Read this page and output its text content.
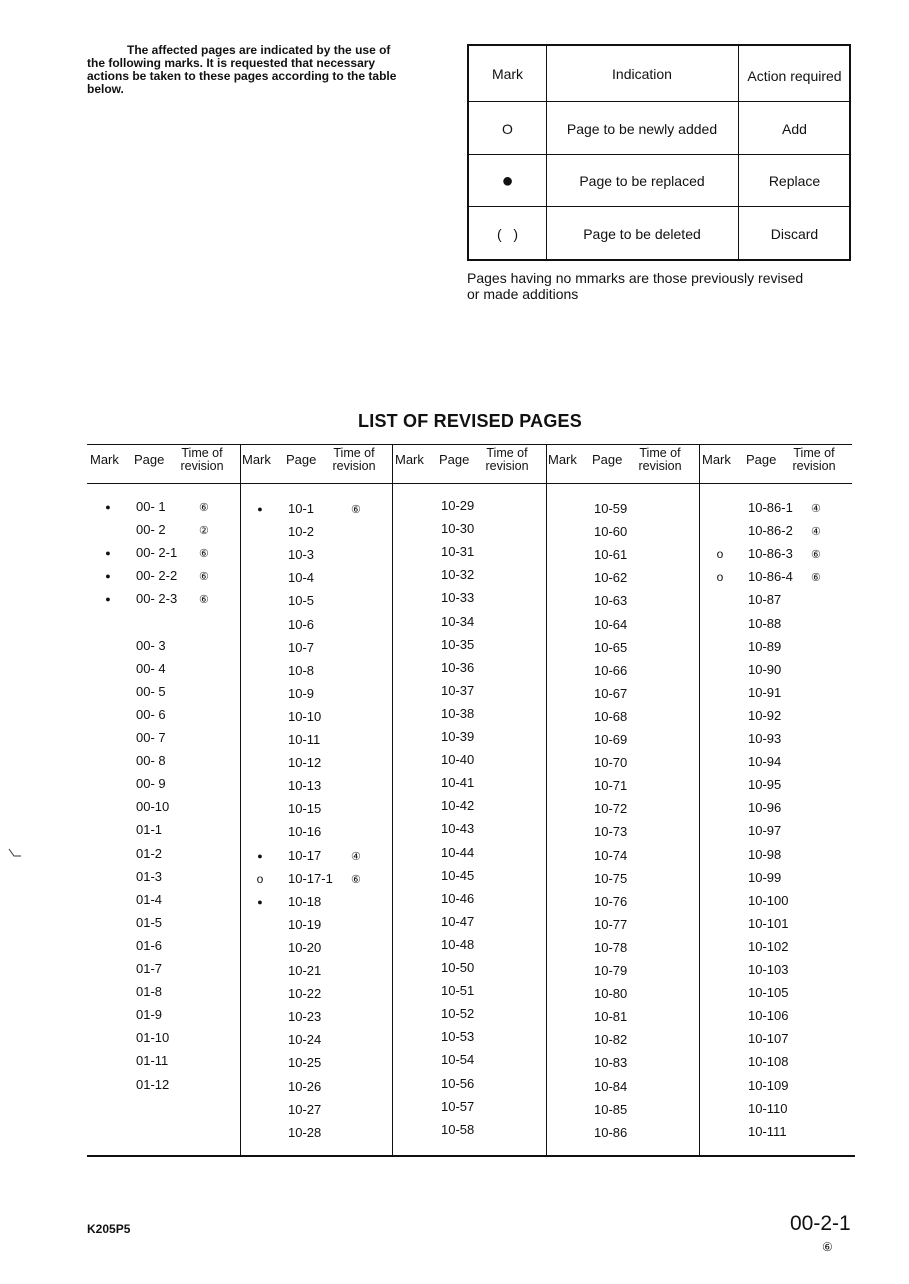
The affected pages are indicated by the use of
the following marks. It is requested that necessary
actions be taken to these pages according to the table
below.
Mark	Indication	Action required
O	Page to be newly added	Add
●	Page to be replaced	Replace
(   )	Page to be deleted	Discard
Pages having no mmarks are those previously revised
or made additions
LIST OF REVISED PAGES
Mark Page	Time of
revision
●	00- 1	⑥
00- 2	②
●	00- 2-1 ⑥
●	00- 2-2 ⑥
●	00- 2-3 ⑥
00- 3
00- 4
00- 5
00- 6
00- 7
00- 8
00- 9
00-10
01-1
01-2
01-3
01-4
01-5
01-6
01-7
01-8
01-9
01-10
01-11
01-12
Mark Page	Time of
revision
●	10-1	⑥
10-2
10-3
10-4
10-5
10-6
10-7
10-8
10-9
10-10
10-11
10-12
10-13
10-15
10-16
●	10-17	④
o 10-17-1 ⑥
●	10-18
10-19
10-20
10-21
10-22
10-23
10-24
10-25
10-26
10-27
10-28
Mark Page	Time of
revision
10-29
10-30
10-31
10-32
10-33
10-34
10-35
10-36
10-37
10-38
10-39
10-40
10-41
10-42
10-43
10-44
10-45
10-46
10-47
10-48
10-50
10-51
10-52
10-53
10-54
10-56
10-57
10-58
Mark Page	Time of
revision
10-59
10-60
10-61
10-62
10-63
10-64
10-65
10-66
10-67
10-68
10-69
10-70
10-71
10-72
10-73
10-74
10-75
10-76
10-77
10-78
10-79
10-80
10-81
10-82
10-83
10-84
10-85
10-86
Mark Page	Time of
revision
10-86-1 ④
10-86-2 ④
o 10-86-3 ⑥
o 10-86-4 ⑥
10-87
10-88
10-89
10-90
10-91
10-92
10-93
10-94
10-95
10-96
10-97
10-98
10-99
10-100
10-101
10-102
10-103
10-105
10-106
10-107
10-108
10-109
10-110
10-111
K205P5	00-2-1
⑥
